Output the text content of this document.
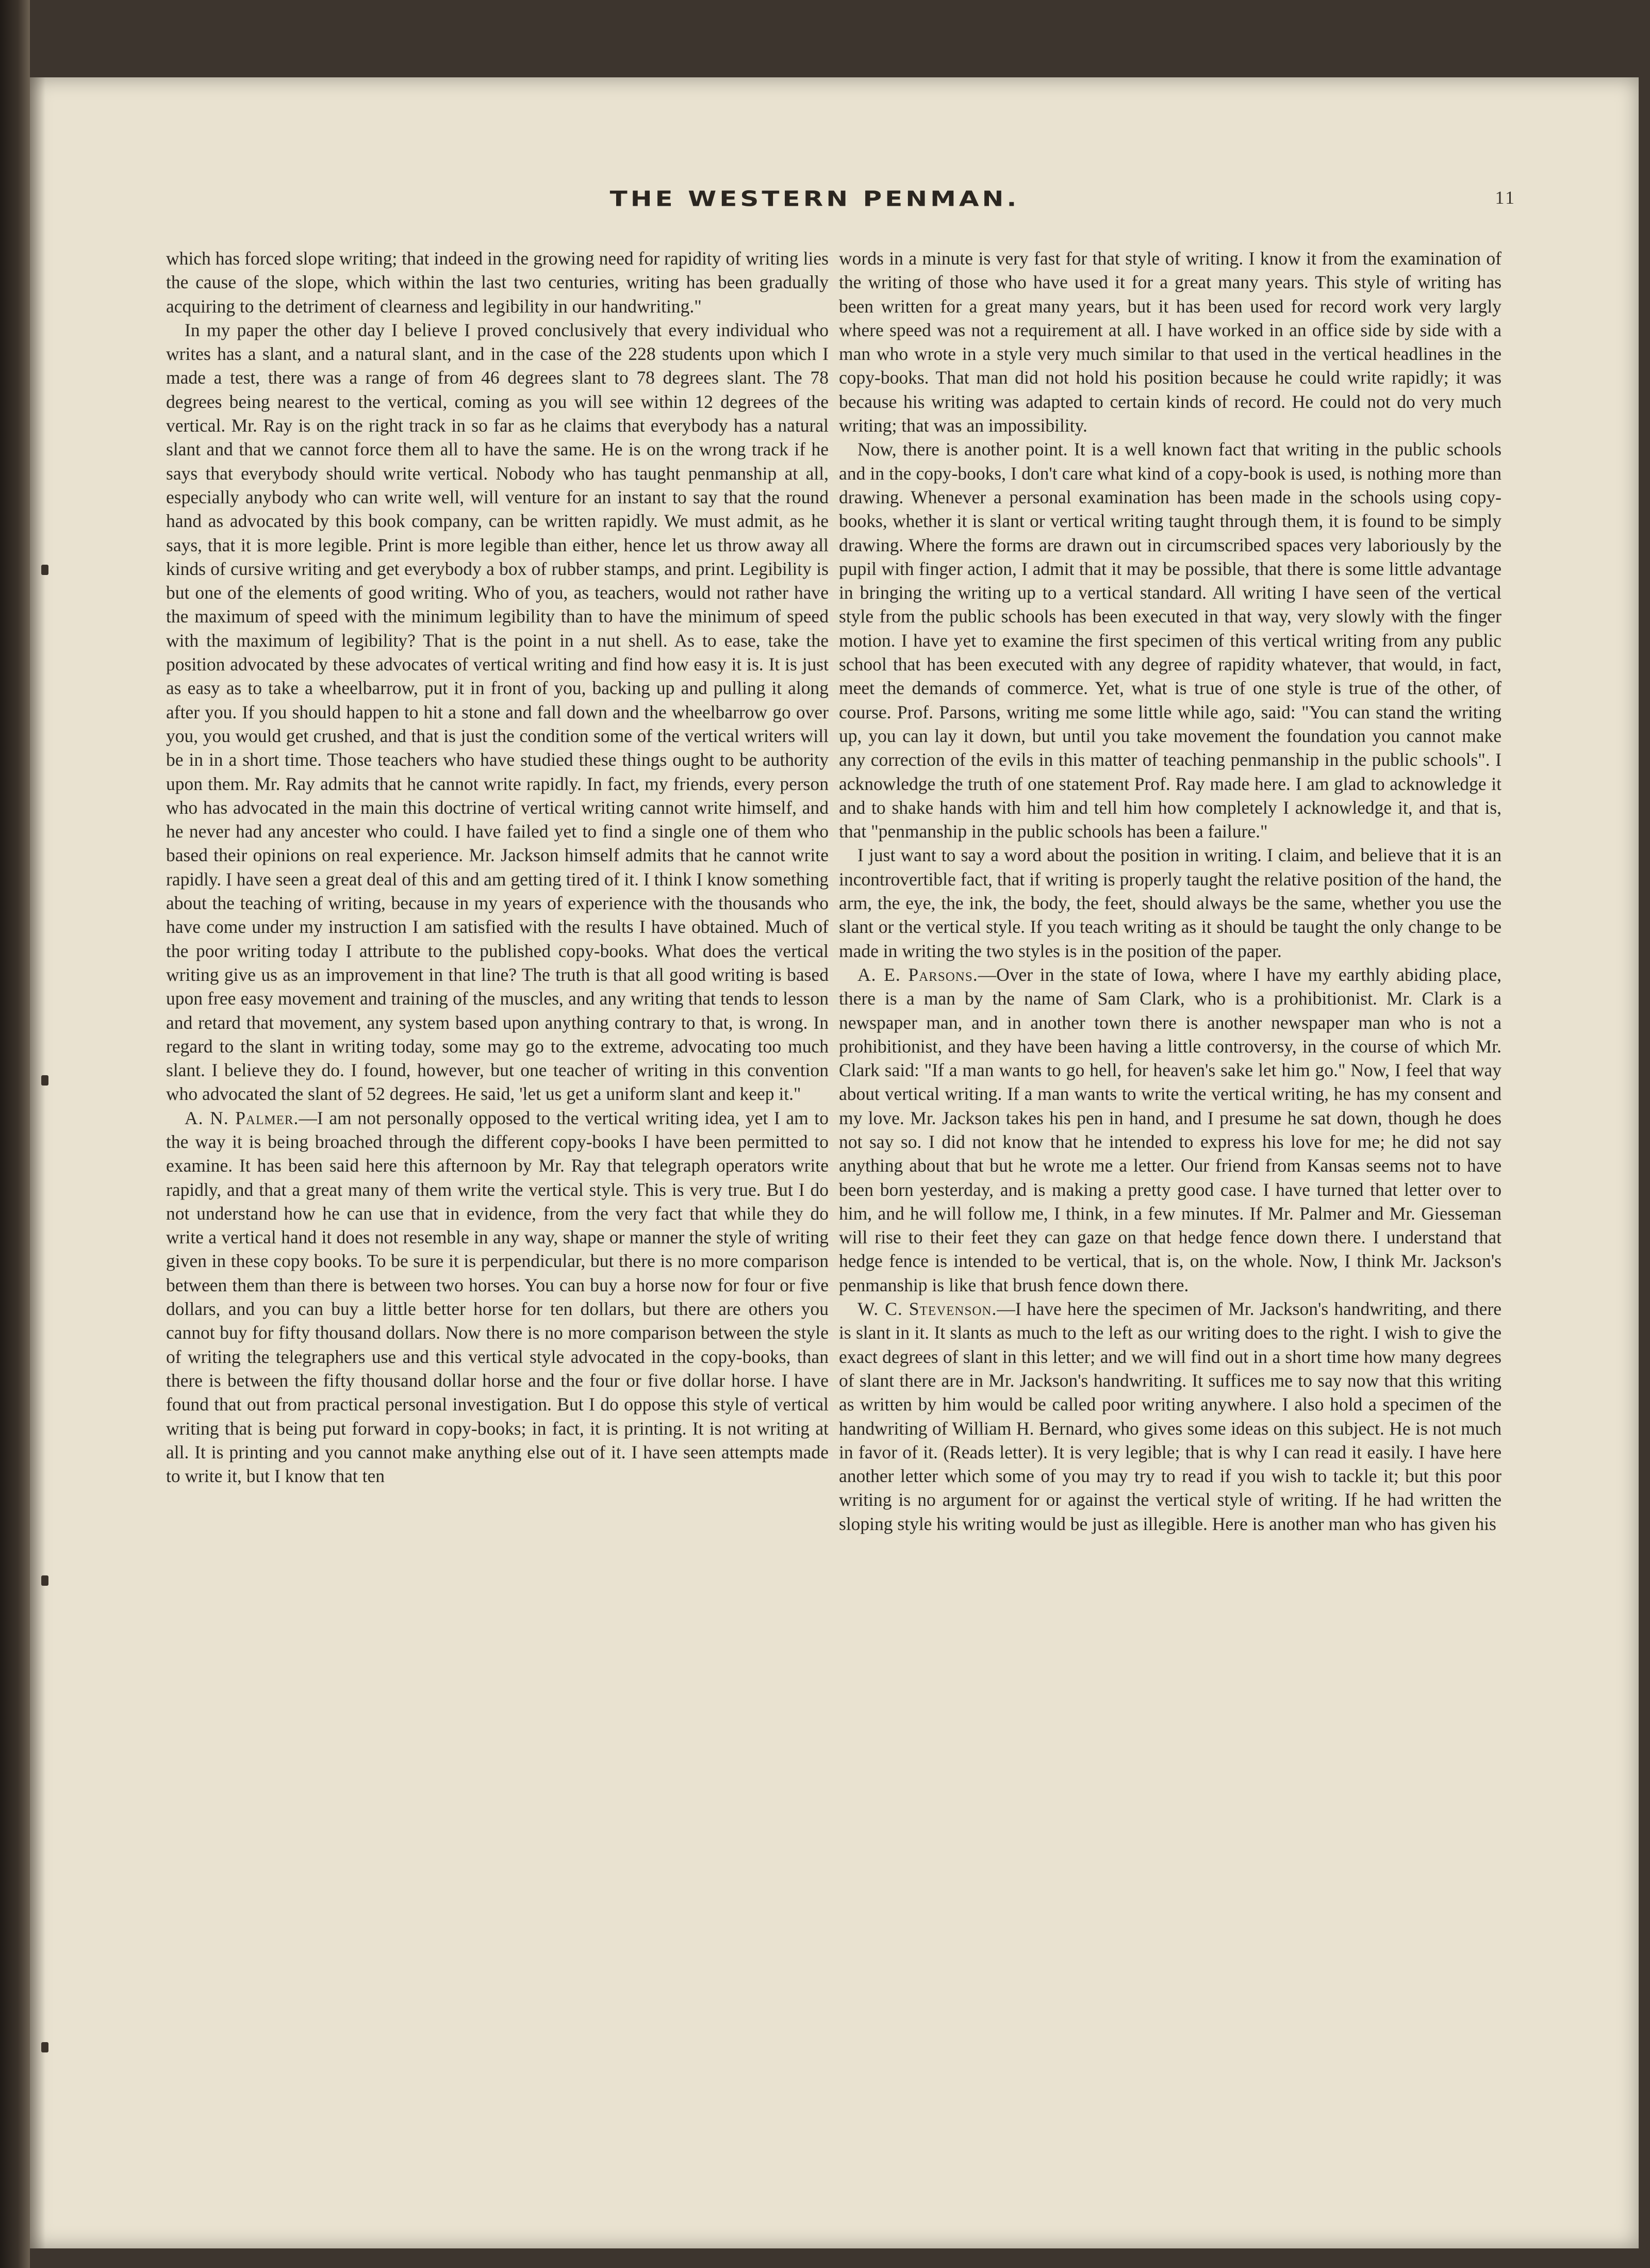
THE WESTERN PENMAN.	11

which has forced slope writing; that indeed in the growing need for rapidity of writing lies the cause of the slope, which within the last two centuries, writing has been gradually acquiring to the detriment of clearness and legibility in our handwriting."

In my paper the other day I believe I proved conclusively that every individual who writes has a slant, and a natural slant, and in the case of the 228 students upon which I made a test, there was a range of from 46 degrees slant to 78 degrees slant. The 78 degrees being nearest to the vertical, coming as you will see within 12 degrees of the vertical. Mr. Ray is on the right track in so far as he claims that everybody has a natural slant and that we cannot force them all to have the same. He is on the wrong track if he says that everybody should write vertical. Nobody who has taught penmanship at all, especially anybody who can write well, will venture for an instant to say that the round hand as advocated by this book company, can be written rapidly. We must admit, as he says, that it is more legible. Print is more legible than either, hence let us throw away all kinds of cursive writing and get everybody a box of rubber stamps, and print. Legibility is but one of the elements of good writing. Who of you, as teachers, would not rather have the maximum of speed with the minimum legibility than to have the minimum of speed with the maximum of legibility? That is the point in a nut shell. As to ease, take the position advocated by these advocates of vertical writing and find how easy it is. It is just as easy as to take a wheelbarrow, put it in front of you, backing up and pulling it along after you. If you should happen to hit a stone and fall down and the wheelbarrow go over you, you would get crushed, and that is just the condition some of the vertical writers will be in in a short time. Those teachers who have studied these things ought to be authority upon them. Mr. Ray admits that he cannot write rapidly. In fact, my friends, every person who has advocated in the main this doctrine of vertical writing cannot write himself, and he never had any ancester who could. I have failed yet to find a single one of them who based their opinions on real experience. Mr. Jackson himself admits that he cannot write rapidly. I have seen a great deal of this and am getting tired of it. I think I know something about the teaching of writing, because in my years of experience with the thousands who have come under my instruction I am satisfied with the results I have obtained. Much of the poor writing today I attribute to the published copy-books. What does the vertical writing give us as an improvement in that line? The truth is that all good writing is based upon free easy movement and training of the muscles, and any writing that tends to lesson and retard that movement, any system based upon anything contrary to that, is wrong. In regard to the slant in writing today, some may go to the extreme, advocating too much slant. I believe they do. I found, however, but one teacher of writing in this convention who advocated the slant of 52 degrees. He said, 'let us get a uniform slant and keep it."

A. N. Palmer.—I am not personally opposed to the vertical writing idea, yet I am to the way it is being broached through the different copy-books I have been permitted to examine. It has been said here this afternoon by Mr. Ray that telegraph operators write rapidly, and that a great many of them write the vertical style. This is very true. But I do not understand how he can use that in evidence, from the very fact that while they do write a vertical hand it does not resemble in any way, shape or manner the style of writing given in these copy books. To be sure it is perpendicular, but there is no more comparison between them than there is between two horses. You can buy a horse now for four or five dollars, and you can buy a little better horse for ten dollars, but there are others you cannot buy for fifty thousand dollars. Now there is no more comparison between the style of writing the telegraphers use and this vertical style advocated in the copy-books, than there is between the fifty thousand dollar horse and the four or five dollar horse. I have found that out from practical personal investigation. But I do oppose this style of vertical writing that is being put forward in copy-books; in fact, it is printing. It is not writing at all. It is printing and you cannot make anything else out of it. I have seen attempts made to write it, but I know that ten

words in a minute is very fast for that style of writing. I know it from the examination of the writing of those who have used it for a great many years. This style of writing has been written for a great many years, but it has been used for record work very largly where speed was not a requirement at all. I have worked in an office side by side with a man who wrote in a style very much similar to that used in the vertical headlines in the copy-books. That man did not hold his position because he could write rapidly; it was because his writing was adapted to certain kinds of record. He could not do very much writing; that was an impossibility.

Now, there is another point. It is a well known fact that writing in the public schools and in the copy-books, I don't care what kind of a copy-book is used, is nothing more than drawing. Whenever a personal examination has been made in the schools using copy-books, whether it is slant or vertical writing taught through them, it is found to be simply drawing. Where the forms are drawn out in circumscribed spaces very laboriously by the pupil with finger action, I admit that it may be possible, that there is some little advantage in bringing the writing up to a vertical standard. All writing I have seen of the vertical style from the public schools has been executed in that way, very slowly with the finger motion. I have yet to examine the first specimen of this vertical writing from any public school that has been executed with any degree of rapidity whatever, that would, in fact, meet the demands of commerce. Yet, what is true of one style is true of the other, of course. Prof. Parsons, writing me some little while ago, said: "You can stand the writing up, you can lay it down, but until you take movement the foundation you cannot make any correction of the evils in this matter of teaching penmanship in the public schools". I acknowledge the truth of one statement Prof. Ray made here. I am glad to acknowledge it and to shake hands with him and tell him how completely I acknowledge it, and that is, that "penmanship in the public schools has been a failure."

I just want to say a word about the position in writing. I claim, and believe that it is an incontrovertible fact, that if writing is properly taught the relative position of the hand, the arm, the eye, the ink, the body, the feet, should always be the same, whether you use the slant or the vertical style. If you teach writing as it should be taught the only change to be made in writing the two styles is in the position of the paper.

A. E. Parsons.—Over in the state of Iowa, where I have my earthly abiding place, there is a man by the name of Sam Clark, who is a prohibitionist. Mr. Clark is a newspaper man, and in another town there is another newspaper man who is not a prohibitionist, and they have been having a little controversy, in the course of which Mr. Clark said: "If a man wants to go hell, for heaven's sake let him go." Now, I feel that way about vertical writing. If a man wants to write the vertical writing, he has my consent and my love. Mr. Jackson takes his pen in hand, and I presume he sat down, though he does not say so. I did not know that he intended to express his love for me; he did not say anything about that but he wrote me a letter. Our friend from Kansas seems not to have been born yesterday, and is making a pretty good case. I have turned that letter over to him, and he will follow me, I think, in a few minutes. If Mr. Palmer and Mr. Giesseman will rise to their feet they can gaze on that hedge fence down there. I understand that hedge fence is intended to be vertical, that is, on the whole. Now, I think Mr. Jackson's penmanship is like that brush fence down there.

W. C. Stevenson.—I have here the specimen of Mr. Jackson's handwriting, and there is slant in it. It slants as much to the left as our writing does to the right. I wish to give the exact degrees of slant in this letter; and we will find out in a short time how many degrees of slant there are in Mr. Jackson's handwriting. It suffices me to say now that this writing as written by him would be called poor writing anywhere. I also hold a specimen of the handwriting of William H. Bernard, who gives some ideas on this subject. He is not much in favor of it. (Reads letter). It is very legible; that is why I can read it easily. I have here another letter which some of you may try to read if you wish to tackle it; but this poor writing is no argument for or against the vertical style of writing. If he had written the sloping style his writing would be just as illegible. Here is another man who has given his
